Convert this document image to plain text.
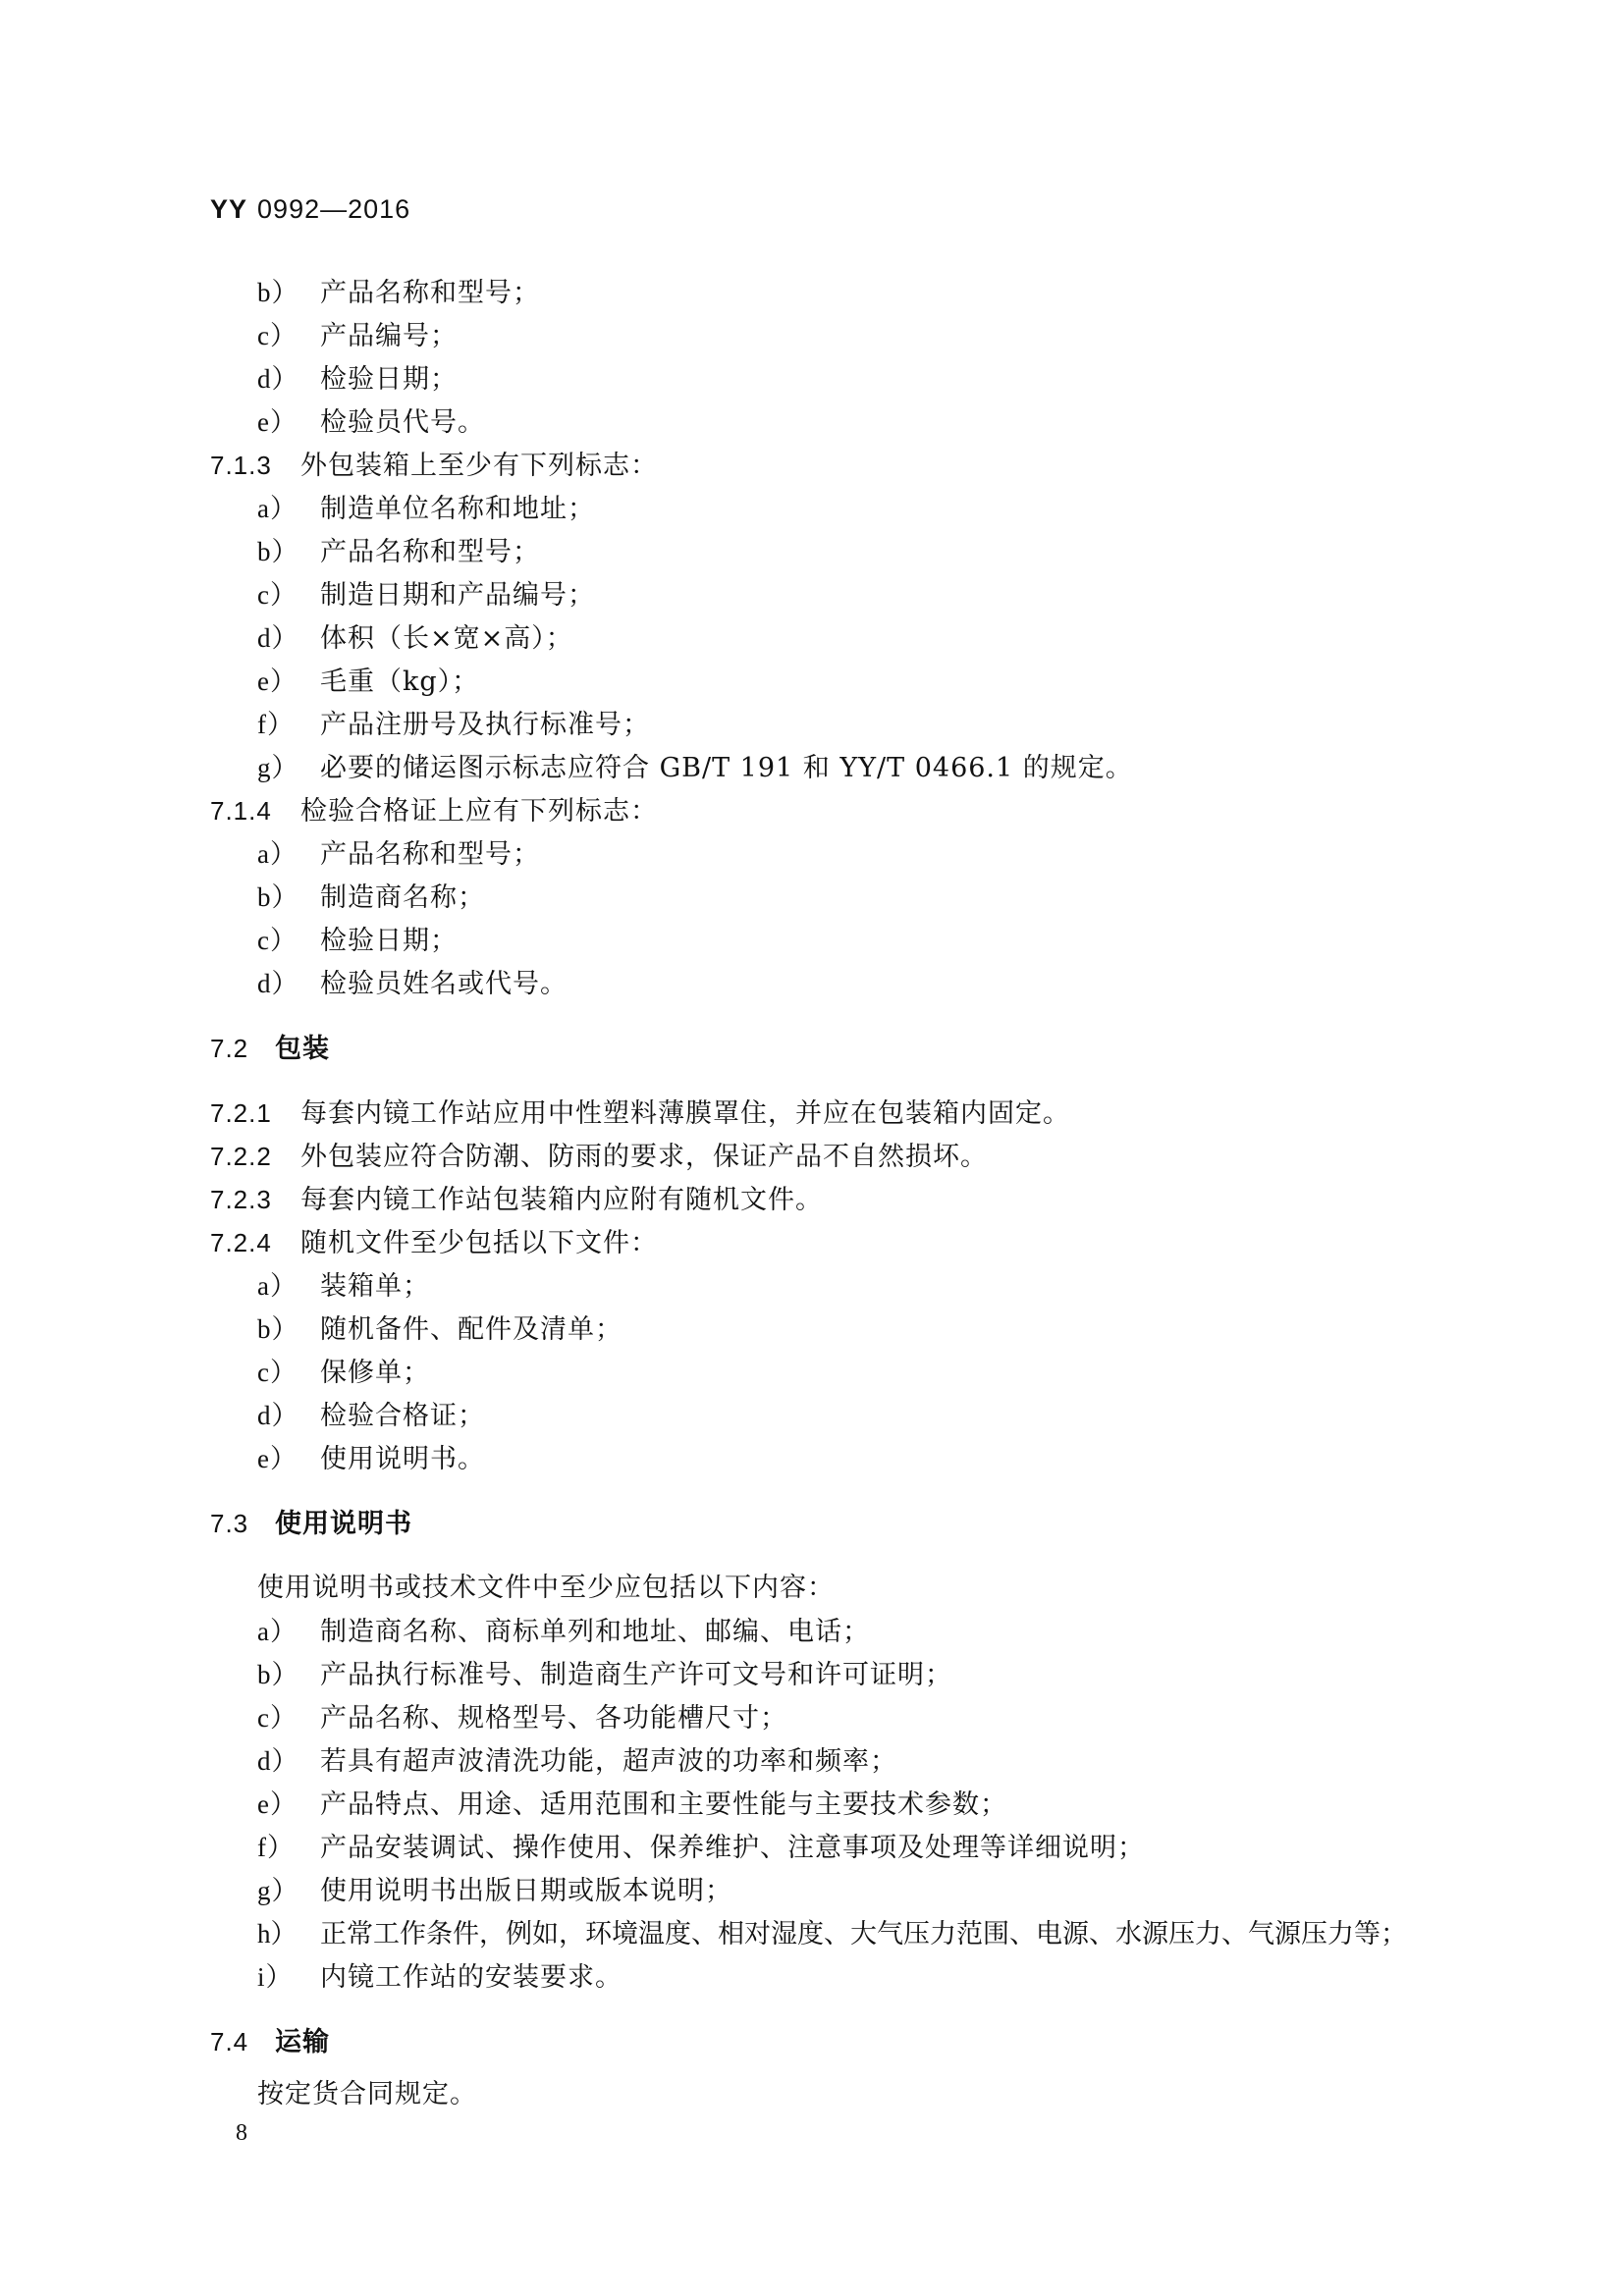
YY 0992—2016
b） 产品名称和型号；
c） 产品编号；
d） 检验日期；
e） 检验员代号。
7.1.3 外包装箱上至少有下列标志：
a） 制造单位名称和地址；
b） 产品名称和型号；
c） 制造日期和产品编号；
d） 体积（长×宽×高）；
e） 毛重（kg）；
f） 产品注册号及执行标准号；
g） 必要的储运图示标志应符合 GB/T 191 和 YY/T 0466.1 的规定。
7.1.4 检验合格证上应有下列标志：
a） 产品名称和型号；
b） 制造商名称；
c） 检验日期；
d） 检验员姓名或代号。
7.2 包装
7.2.1 每套内镜工作站应用中性塑料薄膜罩住，并应在包装箱内固定。
7.2.2 外包装应符合防潮、防雨的要求，保证产品不自然损坏。
7.2.3 每套内镜工作站包装箱内应附有随机文件。
7.2.4 随机文件至少包括以下文件：
a） 装箱单；
b） 随机备件、配件及清单；
c） 保修单；
d） 检验合格证；
e） 使用说明书。
7.3 使用说明书
使用说明书或技术文件中至少应包括以下内容：
a） 制造商名称、商标单列和地址、邮编、电话；
b） 产品执行标准号、制造商生产许可文号和许可证明；
c） 产品名称、规格型号、各功能槽尺寸；
d） 若具有超声波清洗功能，超声波的功率和频率；
e） 产品特点、用途、适用范围和主要性能与主要技术参数；
f） 产品安装调试、操作使用、保养维护、注意事项及处理等详细说明；
g） 使用说明书出版日期或版本说明；
h） 正常工作条件，例如，环境温度、相对湿度、大气压力范围、电源、水源压力、气源压力等；
i） 内镜工作站的安装要求。
7.4 运输
按定货合同规定。
8
